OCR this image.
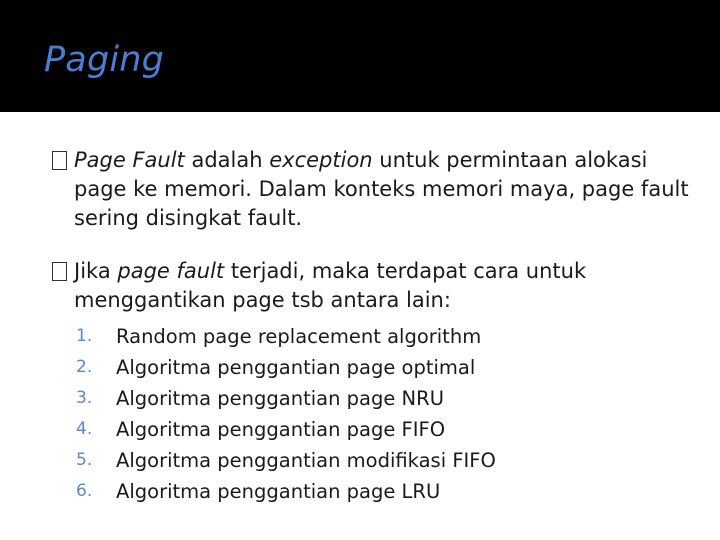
Paging
Page Fault adalah exception untuk permintaan alokasi page ke memori. Dalam konteks memori maya, page fault sering disingkat fault.
Jika page fault terjadi, maka terdapat cara untuk menggantikan page tsb antara lain:
1.	Random page replacement algorithm
2.	Algoritma penggantian page optimal
3.	Algoritma penggantian page NRU
4.	Algoritma penggantian page FIFO
5.	Algoritma penggantian modifikasi FIFO
6.	Algoritma penggantian page LRU
